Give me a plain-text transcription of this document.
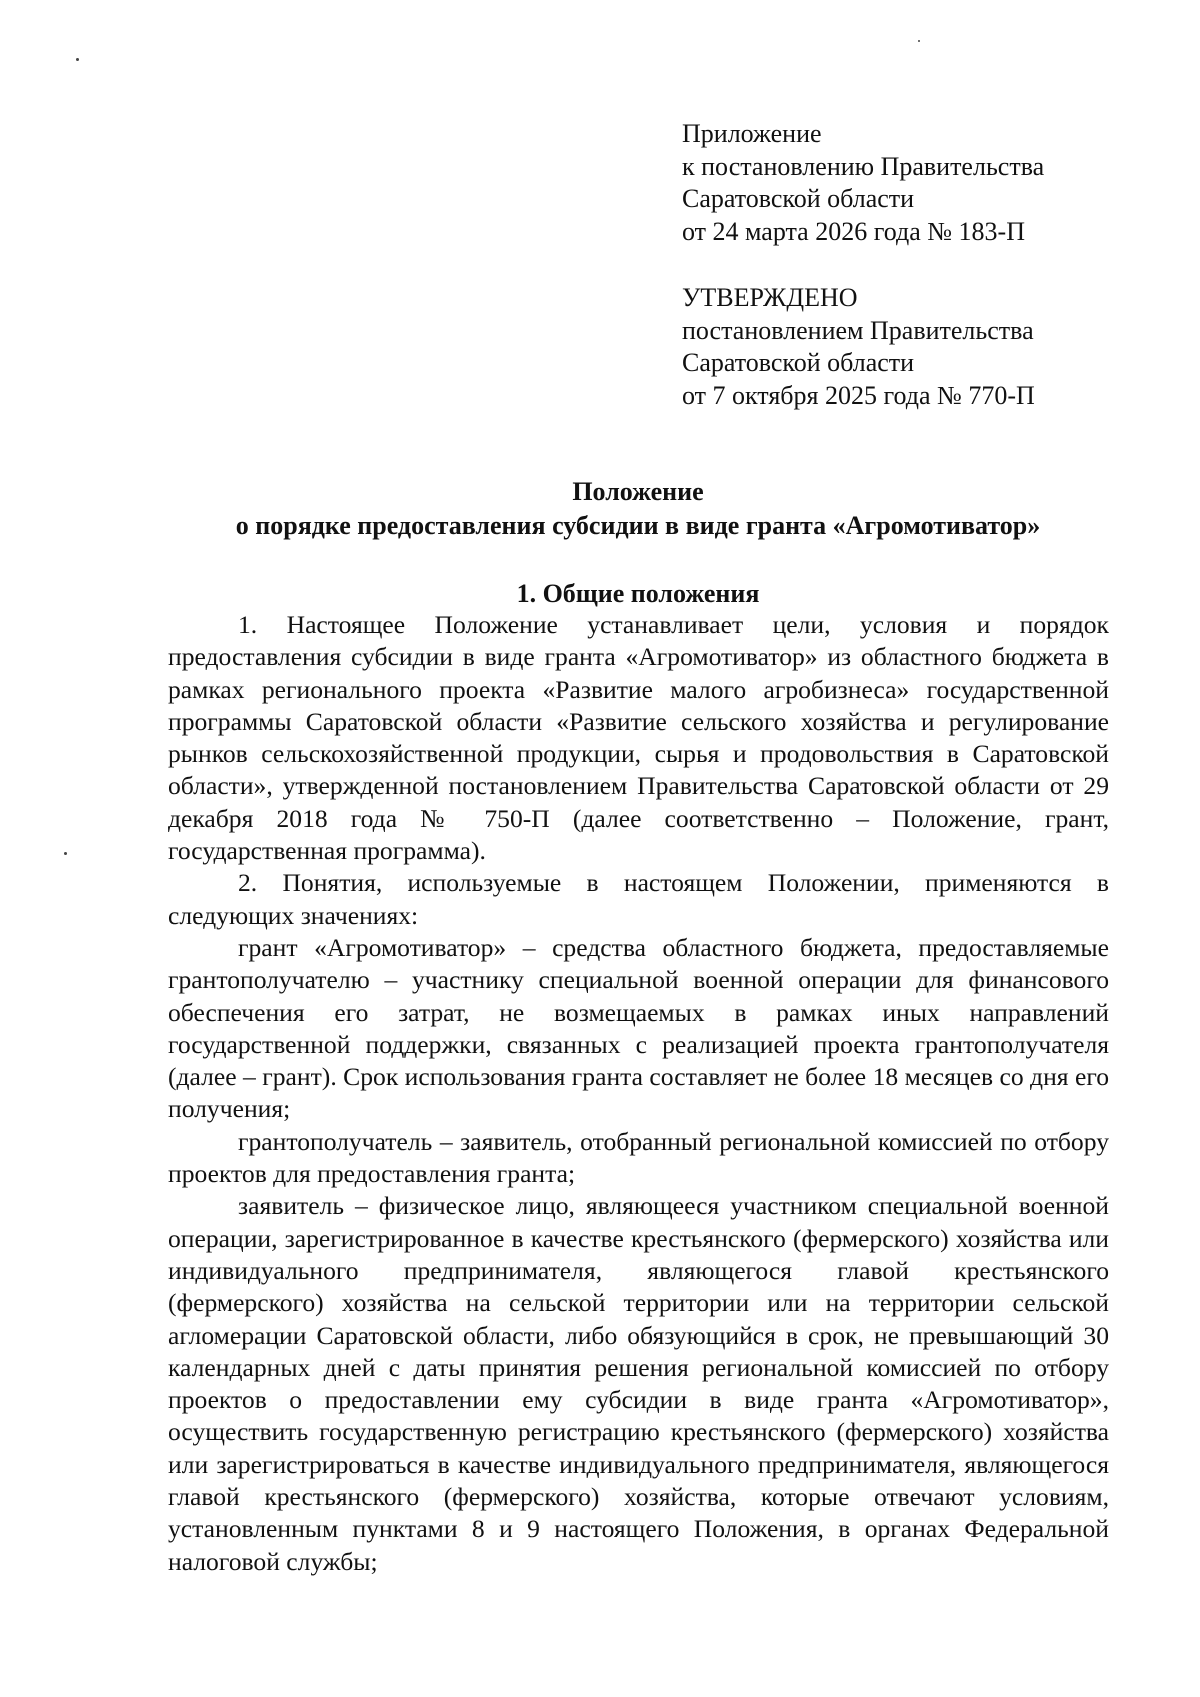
Приложение
к постановлению Правительства
Саратовской области
от 24 марта 2026 года № 183-П
УТВЕРЖДЕНО
постановлением Правительства
Саратовской области
от 7 октября 2025 года № 770-П
Положение
о порядке предоставления субсидии в виде гранта «Агромотиватор»
1. Общие положения

1. Настоящее Положение устанавливает цели, условия и порядок предоставления субсидии в виде гранта «Агромотиватор» из областного бюджета в рамках регионального проекта «Развитие малого агробизнеса» государственной программы Саратовской области «Развитие сельского хозяйства и регулирование рынков сельскохозяйственной продукции, сырья и продовольствия в Саратовской области», утвержденной постановлением Правительства Саратовской области от 29 декабря 2018 года № 750-П (далее соответственно – Положение, грант, государственная программа).

2. Понятия, используемые в настоящем Положении, применяются в следующих значениях:

грант «Агромотиватор» – средства областного бюджета, предоставляемые грантополучателю – участнику специальной военной операции для финансового обеспечения его затрат, не возмещаемых в рамках иных направлений государственной поддержки, связанных с реализацией проекта грантополучателя (далее – грант). Срок использования гранта составляет не более 18 месяцев со дня его получения;

грантополучатель – заявитель, отобранный региональной комиссией по отбору проектов для предоставления гранта;

заявитель – физическое лицо, являющееся участником специальной военной операции, зарегистрированное в качестве крестьянского (фермерского) хозяйства или индивидуального предпринимателя, являющегося главой крестьянского (фермерского) хозяйства на сельской территории или на территории сельской агломерации Саратовской области, либо обязующийся в срок, не превышающий 30 календарных дней с даты принятия решения региональной комиссией по отбору проектов о предоставлении ему субсидии в виде гранта «Агромотиватор», осуществить государственную регистрацию крестьянского (фермерского) хозяйства или зарегистрироваться в качестве индивидуального предпринимателя, являющегося главой крестьянского (фермерского) хозяйства, которые отвечают условиям, установленным пунктами 8 и 9 настоящего Положения, в органах Федеральной налоговой службы;
